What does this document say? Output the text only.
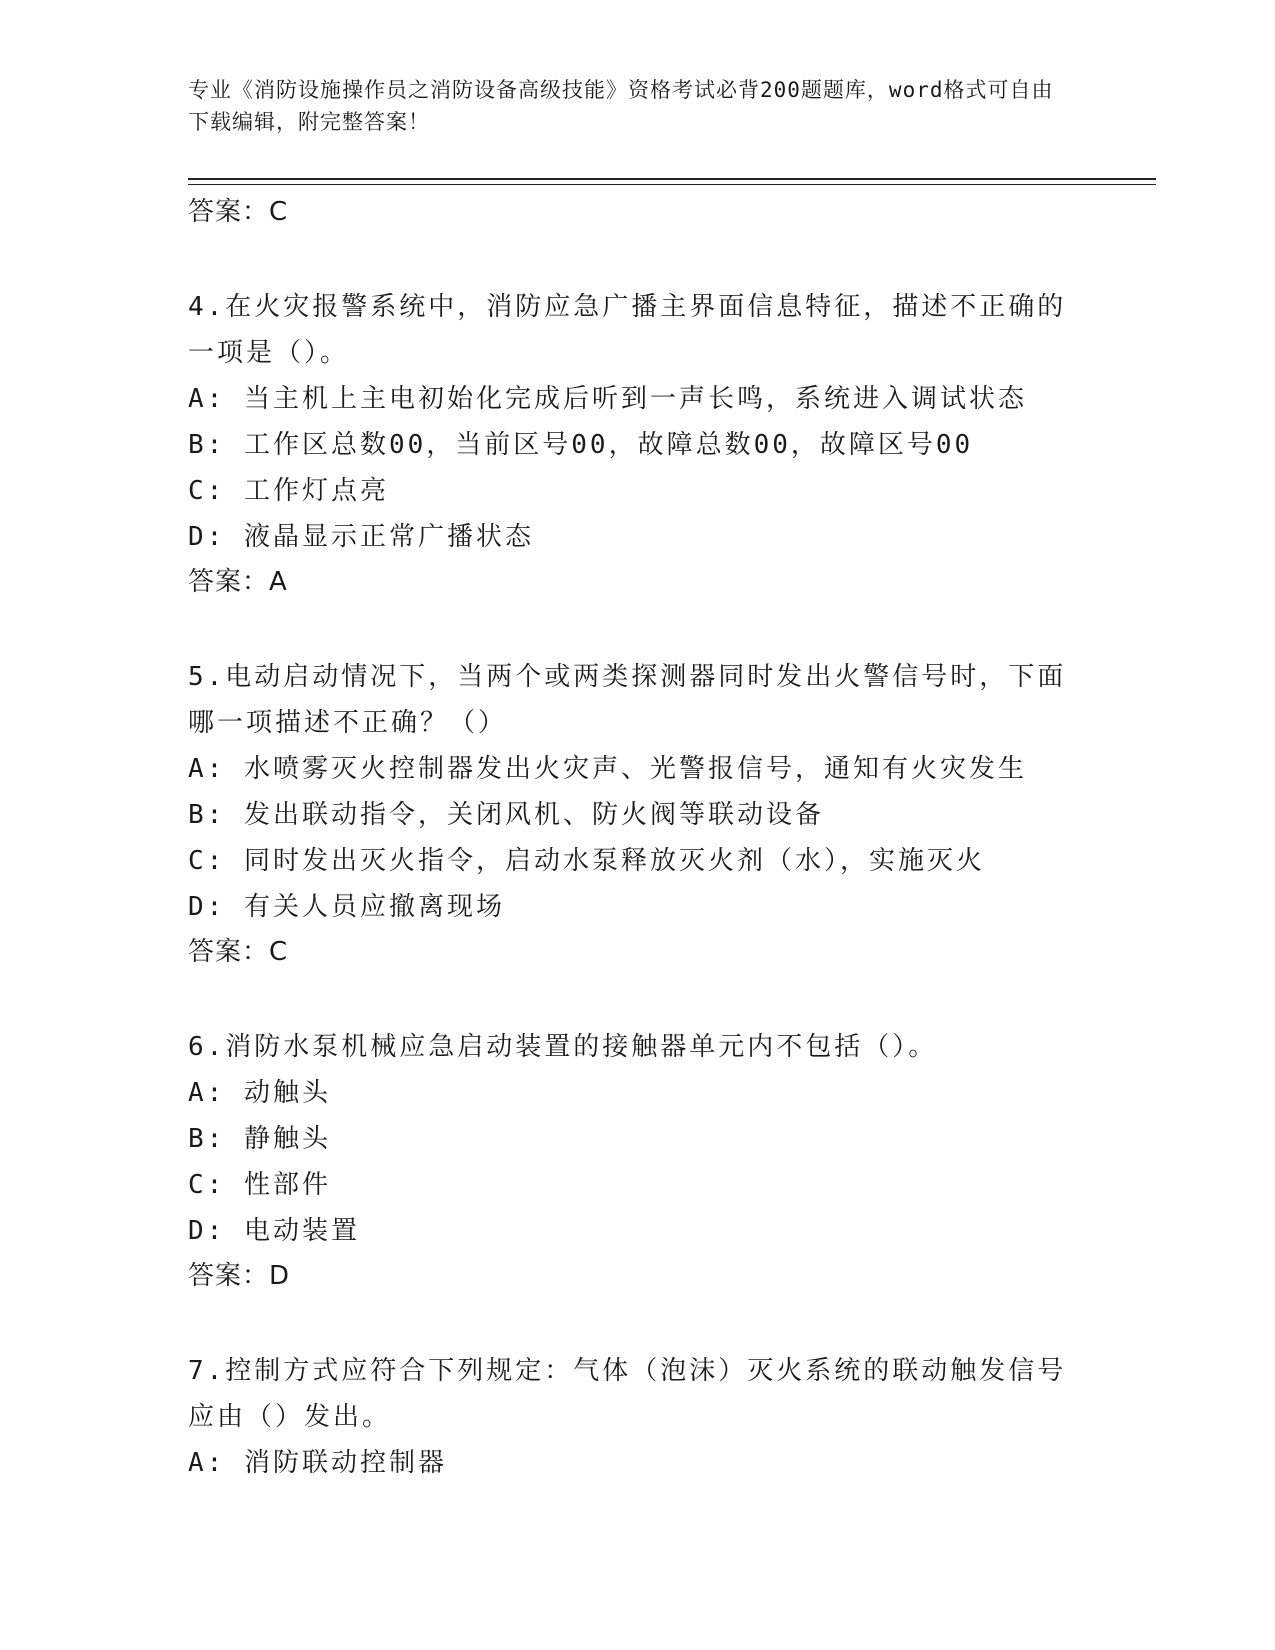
专业《消防设施操作员之消防设备高级技能》资格考试必背200题题库，word格式可自由下载编辑，附完整答案！
答案：C
4.在火灾报警系统中，消防应急广播主界面信息特征，描述不正确的一项是（）。
A: 当主机上主电初始化完成后听到一声长鸣，系统进入调试状态
B: 工作区总数00，当前区号00，故障总数00，故障区号00
C: 工作灯点亮
D: 液晶显示正常广播状态
答案：A
5.电动启动情况下，当两个或两类探测器同时发出火警信号时，下面哪一项描述不正确？（）
A: 水喷雾灭火控制器发出火灾声、光警报信号，通知有火灾发生
B: 发出联动指令，关闭风机、防火阀等联动设备
C: 同时发出灭火指令，启动水泵释放灭火剂（水），实施灭火
D: 有关人员应撤离现场
答案：C
6.消防水泵机械应急启动装置的接触器单元内不包括（）。
A: 动触头
B: 静触头
C: 性部件
D: 电动装置
答案：D
7.控制方式应符合下列规定：气体（泡沫）灭火系统的联动触发信号应由（）发出。
A: 消防联动控制器
